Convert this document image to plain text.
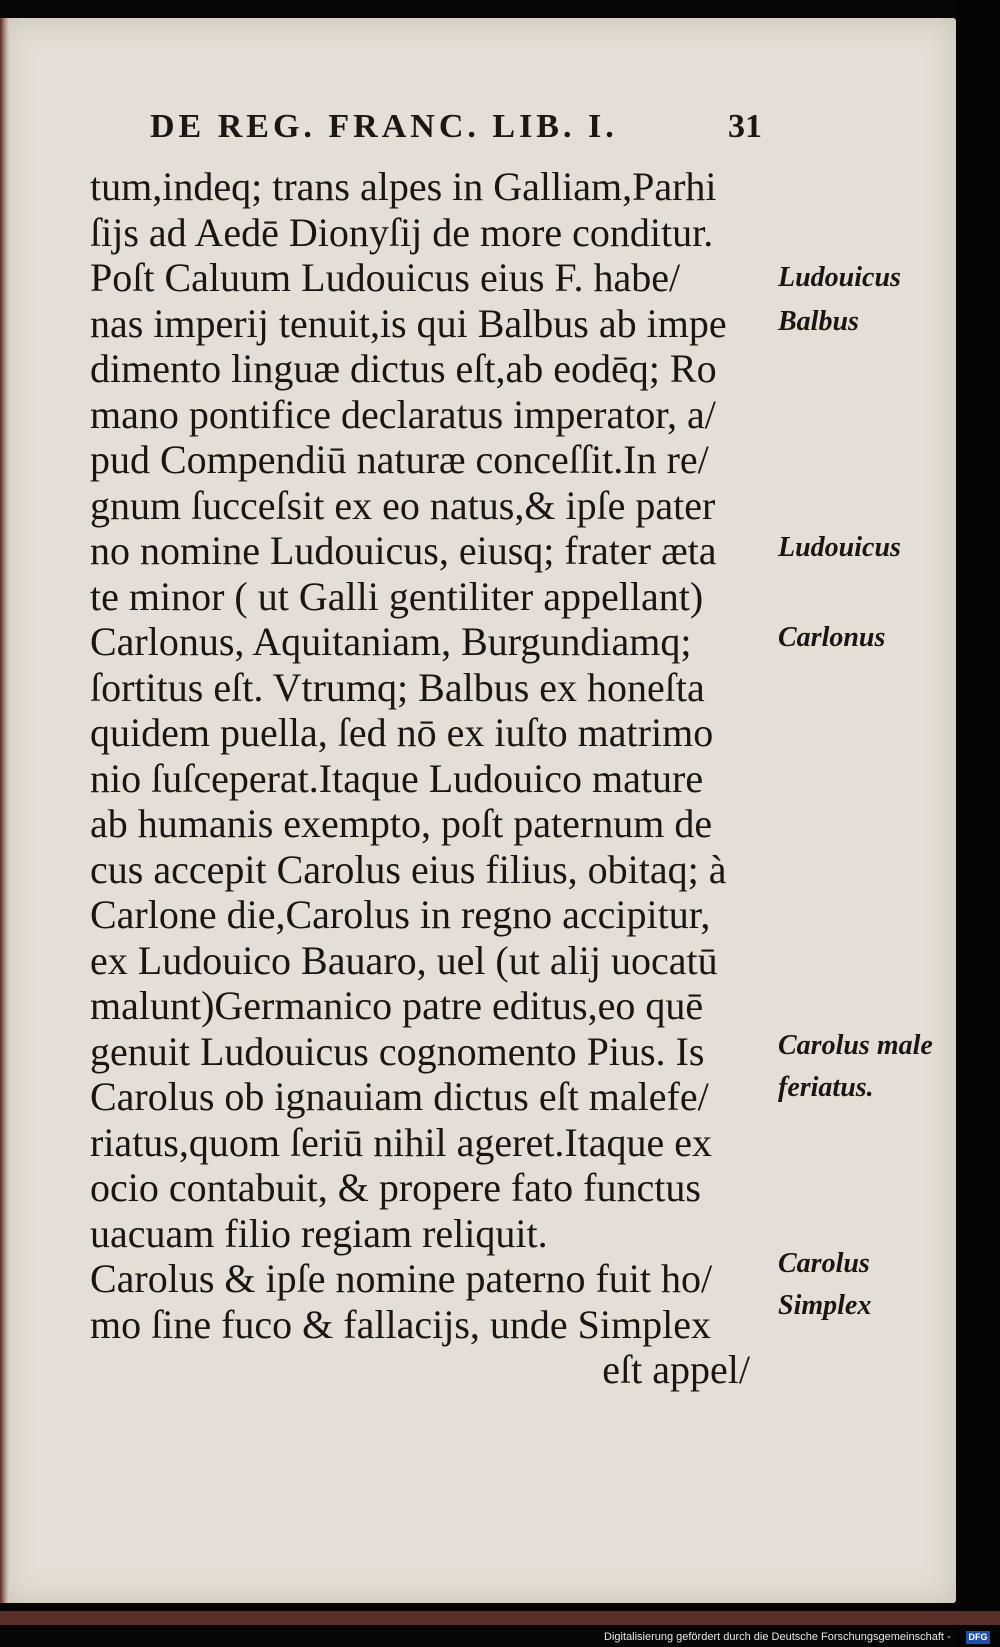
DE REG. FRANC. LIB. I.	31
tum,indeq; trans alpes in Galliam,Parhi
ſijs ad Aedē Dionyſij de more conditur.
Poſt Caluum Ludouicus eius F. habe/
nas imperij tenuit,is qui Balbus ab impe
dimento linguæ dictus eſt,ab eodēq; Ro
mano pontifice declaratus imperator, a/
pud Compendiū naturæ conceſſit.In re/
gnum ſucceſsit ex eo natus,& ipſe pater
no nomine Ludouicus, eiusq; frater æta
te minor ( ut Galli gentiliter appellant)
Carlonus, Aquitaniam, Burgundiamq;
ſortitus eſt. Vtrumq; Balbus ex honeſta
quidem puella, ſed nō ex iuſto matrimo
nio ſuſceperat.Itaque Ludouico mature
ab humanis exempto, poſt paternum de
cus accepit Carolus eius filius, obitaq; à
Carlone die,Carolus in regno accipitur,
ex Ludouico Bauaro, uel (ut alij uocatū
malunt)Germanico patre editus,eo quē
genuit Ludouicus cognomento Pius. Is
Carolus ob ignauiam dictus eſt malefe/
riatus,quom ſeriū nihil ageret.Itaque ex
ocio contabuit, & propere fato functus
uacuam filio regiam reliquit.
Carolus & ipſe nomine paterno fuit ho/
mo ſine fuco & fallacijs, unde Simplex
eſt appel/
Ludouicus
Balbus
Ludouicus
Carlonus
Carolus male
feriatus.
Carolus
Simplex
Digitalisierung gefördert durch die Deutsche Forschungsgemeinschaft - DFG
